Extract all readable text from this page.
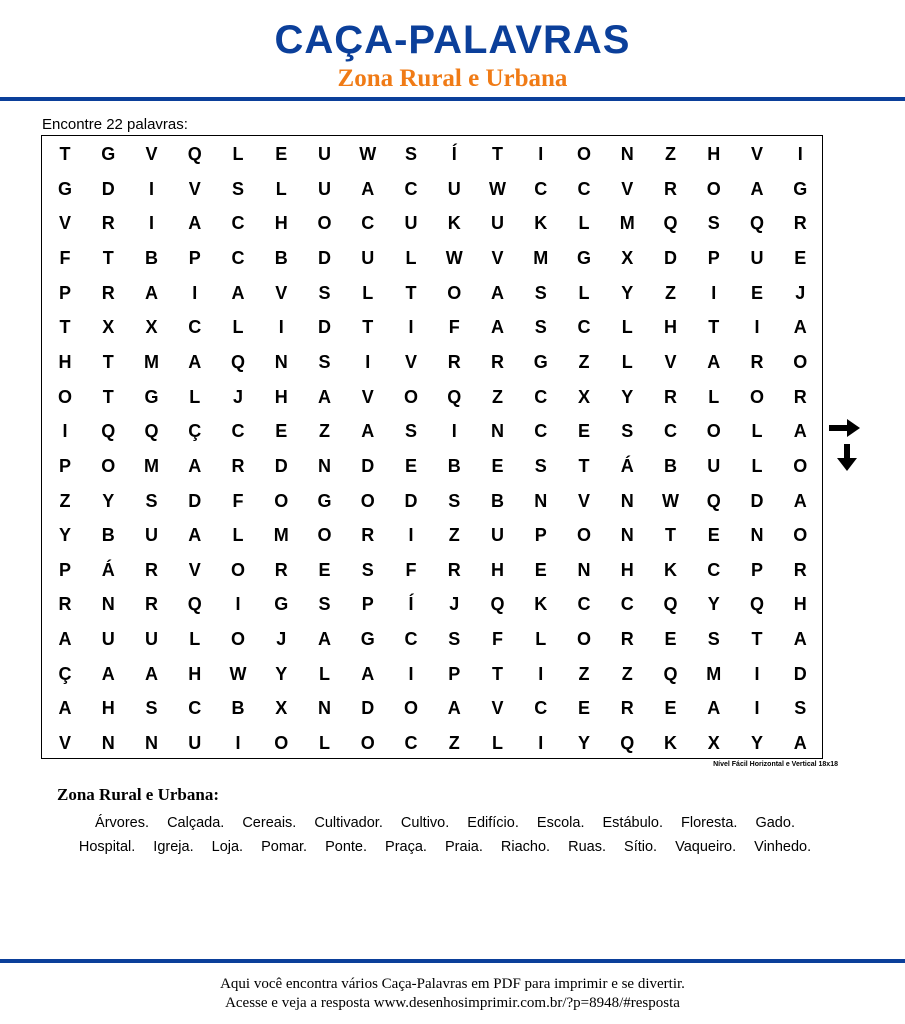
CAÇA-PALAVRAS
Zona Rural e Urbana
Encontre 22 palavras:
T	G	V	Q	L	E	U	W	S	Í	T	I	O	N	Z	H	V	I
G	D	I	V	S	L	U	A	C	U	W	C	C	V	R	O	A	G
V	R	I	A	C	H	O	C	U	K	U	K	L	M	Q	S	Q	R
F	T	B	P	C	B	D	U	L	W	V	M	G	X	D	P	U	E
P	R	A	I	A	V	S	L	T	O	A	S	L	Y	Z	I	E	J
T	X	X	C	L	I	D	T	I	F	A	S	C	L	H	T	I	A
H	T	M	A	Q	N	S	I	V	R	R	G	Z	L	V	A	R	O
O	T	G	L	J	H	A	V	O	Q	Z	C	X	Y	R	L	O	R
I	Q	Q	Ç	C	E	Z	A	S	I	N	C	E	S	C	O	L	A
P	O	M	A	R	D	N	D	E	B	E	S	T	Á	B	U	L	O
Z	Y	S	D	F	O	G	O	D	S	B	N	V	N	W	Q	D	A
Y	B	U	A	L	M	O	R	I	Z	U	P	O	N	T	E	N	O
P	Á	R	V	O	R	E	S	F	R	H	E	N	H	K	C	P	R
R	N	R	Q	I	G	S	P	Í	J	Q	K	C	C	Q	Y	Q	H
A	U	U	L	O	J	A	G	C	S	F	L	O	R	E	S	T	A
Ç	A	A	H	W	Y	L	A	I	P	T	I	Z	Z	Q	M	I	D
A	H	S	C	B	X	N	D	O	A	V	C	E	R	E	A	I	S
V	N	N	U	I	O	L	O	C	Z	L	I	Y	Q	K	X	Y	A
Nível Fácil Horizontal e Vertical 18x18
Zona Rural e Urbana:
Árvores. Calçada. Cereais. Cultivador. Cultivo. Edifício. Escola. Estábulo. Floresta. Gado. Hospital. Igreja. Loja. Pomar. Ponte. Praça. Praia. Riacho. Ruas. Sítio. Vaqueiro. Vinhedo.
Aqui você encontra vários Caça-Palavras em PDF para imprimir e se divertir.
Acesse e veja a resposta www.desenhosimprimir.com.br/?p=8948/#resposta
